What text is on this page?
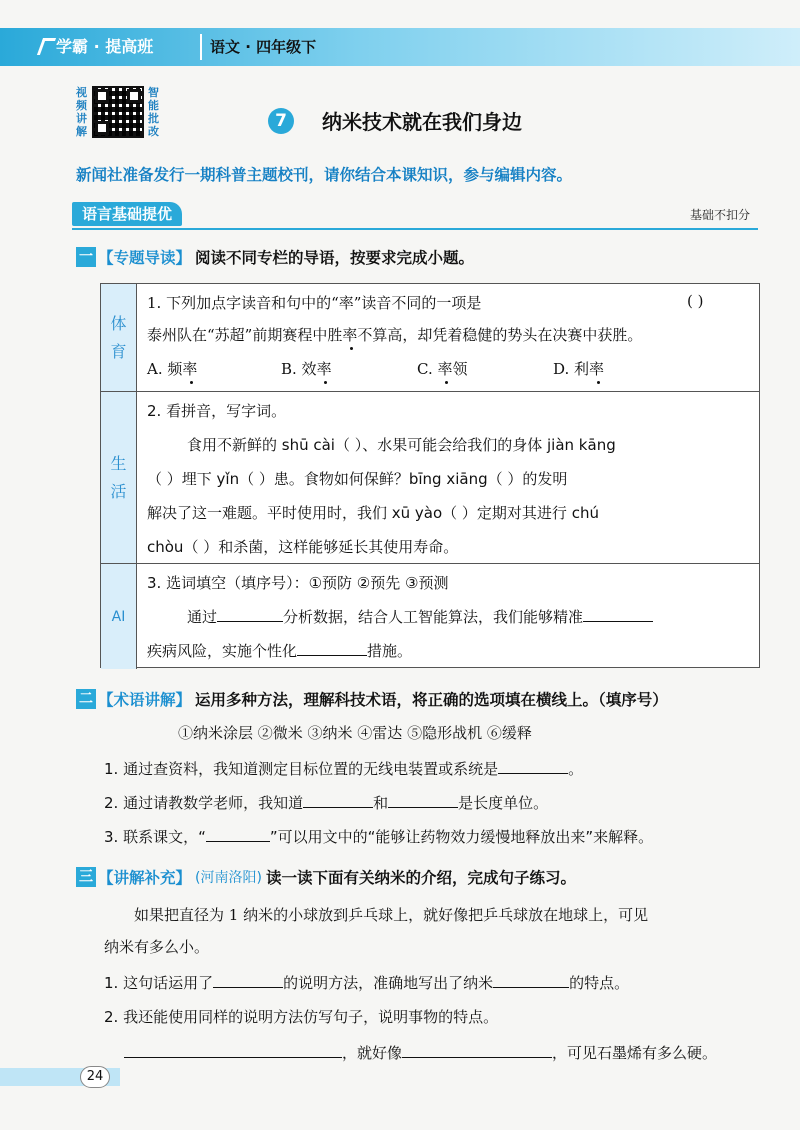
学霸 · 提高班	语文 · 四年级下
视频讲解
智能批改
7	纳米技术就在我们身边
新闻社准备发行一期科普主题校刊，请你结合本课知识，参与编辑内容。
语言基础提优	基础不扣分
一 【专题导读】 阅读不同专栏的导语，按要求完成小题。
体
育
1. 下列加点字读音和句中的“率”读音不同的一项是	( )
泰州队在“苏超”前期赛程中胜率不算高，却凭着稳健的势头在决赛中获胜。
A. 频率	B. 效率	C. 率领	D. 利率
生
活
2. 看拼音，写字词。
食用不新鲜的 shū cài（ ）、水果可能会给我们的身体 jiàn kāng
（ ）埋下 yǐn（ ）患。食物如何保鲜？bīng xiāng（ ）的发明
解决了这一难题。平时使用时，我们 xū yào（ ）定期对其进行 chú
chòu（ ）和杀菌，这样能够延长其使用寿命。
AI
3. 选词填空（填序号）：①预防 ②预先 ③预测
通过	分析数据，结合人工智能算法，我们能够精准
疾病风险，实施个性化	措施。
二 【术语讲解】 运用多种方法，理解科技术语，将正确的选项填在横线上。（填序号）
①纳米涂层 ②微米 ③纳米 ④雷达 ⑤隐形战机 ⑥缓释
1. 通过查资料，我知道测定目标位置的无线电装置或系统是	。
2. 通过请教数学老师，我知道	和	是长度单位。
3. 联系课文，“	”可以用文中的“能够让药物效力缓慢地释放出来”来解释。
三 【讲解补充】 (河南洛阳) 读一读下面有关纳米的介绍，完成句子练习。
如果把直径为 1 纳米的小球放到乒乓球上，就好像把乒乓球放在地球上，可见
纳米有多么小。
1. 这句话运用了	的说明方法，准确地写出了纳米	的特点。
2. 我还能使用同样的说明方法仿写句子，说明事物的特点。
，就好像	，可见石墨烯有多么硬。
24
